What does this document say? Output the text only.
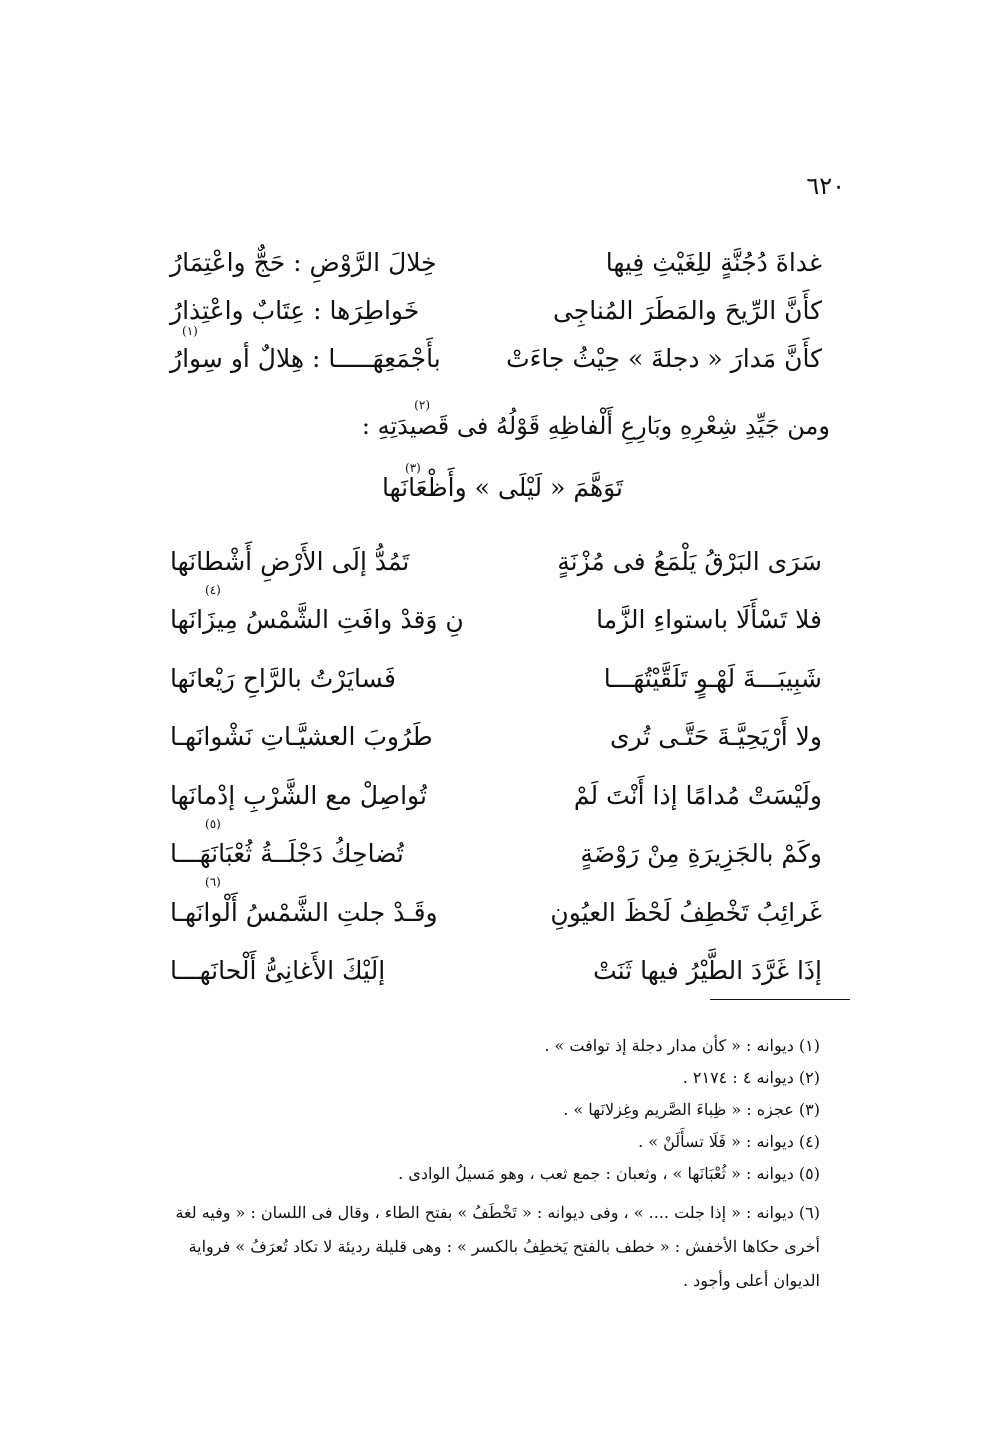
٦٢٠
غداةَ دُجُنَّةٍ للِغَيْثِ فِيها
خِلالَ الرَّوْضِ : حَجٌّ واعْتِمَارُ
كأَنَّ الرِّيحَ والمَطَرَ المُناجِى
خَواطِرَها : عِتَابٌ واعْتِذارُ
(١)
كأَنَّ مَدارَ « دجلةَ » حِيْثُ جاءَتْ
بأَجْمَعِهَـــــا : هِلالٌ أو سِوارُ
(٢)
ومن جَيِّدِ شِعْرِهِ وبَارِعِ أَلْفاظِهِ قَوْلُهُ فى قَصيدَتِهِ :
(٣)
تَوَهَّمَ « لَيْلَى » وأَظْعَانَها
سَرَى البَرْقُ يَلْمَعُ فى مُزْنَةٍ
تَمُدُّ إلَى الأَرْضِ أَشْطانَها
(٤)
فلا تَسْأَلَا باستواءِ الزَّما
نِ وَقدْ وافَتِ الشَّمْسُ مِيزَانَها
شَبِيبَـــةَ لَهْـوٍ تَلَقَّيْتُهَـــا
فَسايَرْتُ بالرَّاحِ رَيْعانَها
ولا أَرْيَحِيَّـةَ حَتَّـى تُرى
طَرُوبَ العشيَّـاتِ نَشْوانَهـا
ولَيْسَتْ مُدامًا إذا أَنْتَ لَمْ
تُواصِلْ مع الشَّرْبِ إدْمانَها
(٥)
وكَمْ بالجَزِيرَةِ مِنْ رَوْضَةٍ
تُضاحِكُ دَجْلَــةُ ثُعْبَانَهَـــا
(٦)
غَرائِبُ تَخْطِفُ لَحْظَ العيُونِ
وقَـدْ جلتِ الشَّمْسُ أَلْوانَهـا
إذَا غَرَّدَ الطَّيْرُ فيها ثَنَتْ
إلَيْكَ الأَغانِىُّ أَلْحانَهـــا
(١) ديوانه : « كأن مدار دجلة إذ توافت » .
(٢) ديوانه ٤ : ٢١٧٤ .
(٣) عجزه : « ظِباءَ الصَّريم وغِزلانَها » .
(٤) ديوانه : « فَلَا تسأَلَنْ » .
(٥) ديوانه : « ثُعْبَانَها » ، وثعبان : جمع ثعب ، وهو مَسيلُ الوادى .
(٦) ديوانه : « إذا جلت .... » ، وفى ديوانه : « تَخْطَفُ » بفتح الطاء ، وقال فى اللسان : « وفيه لغة أخرى حكاها الأخفش : « خطف بالفتح يَخطِفُ بالكسر » : وهى قليلة رديئة لا تكاد تُعرَفُ » فرواية الديوان أعلى وأجود .
